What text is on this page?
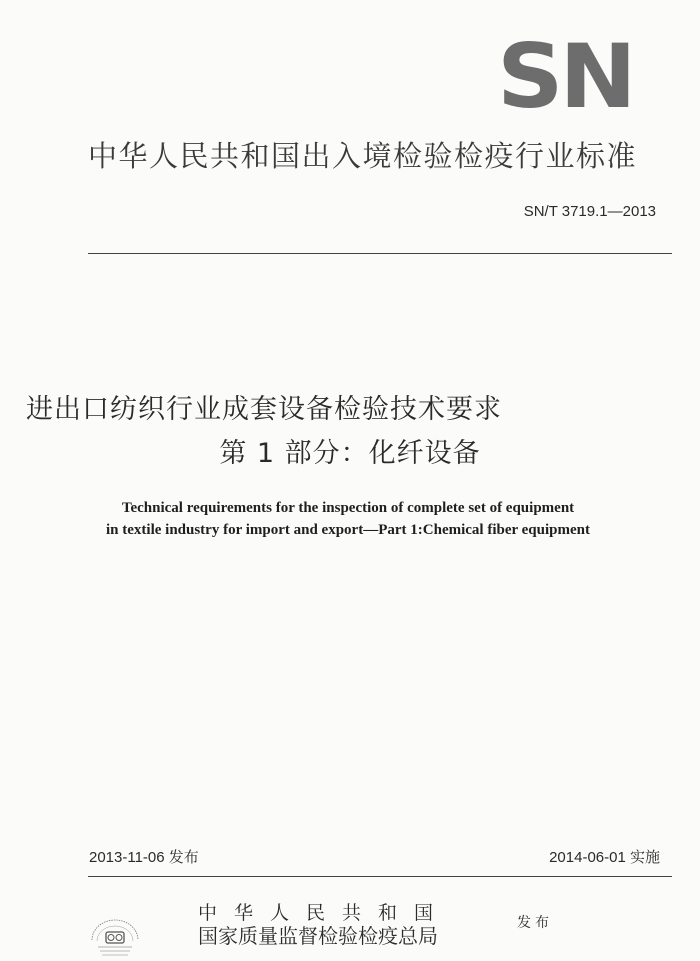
SN
中华人民共和国出入境检验检疫行业标准
SN/T 3719.1—2013
进出口纺织行业成套设备检验技术要求
第 1 部分：化纤设备
Technical requirements for the inspection of complete set of equipment
in textile industry for import and export—Part 1:Chemical fiber equipment
2013-11-06 发布	2014-06-01 实施
中华人民共和国
国家质量监督检验检疫总局
发布
